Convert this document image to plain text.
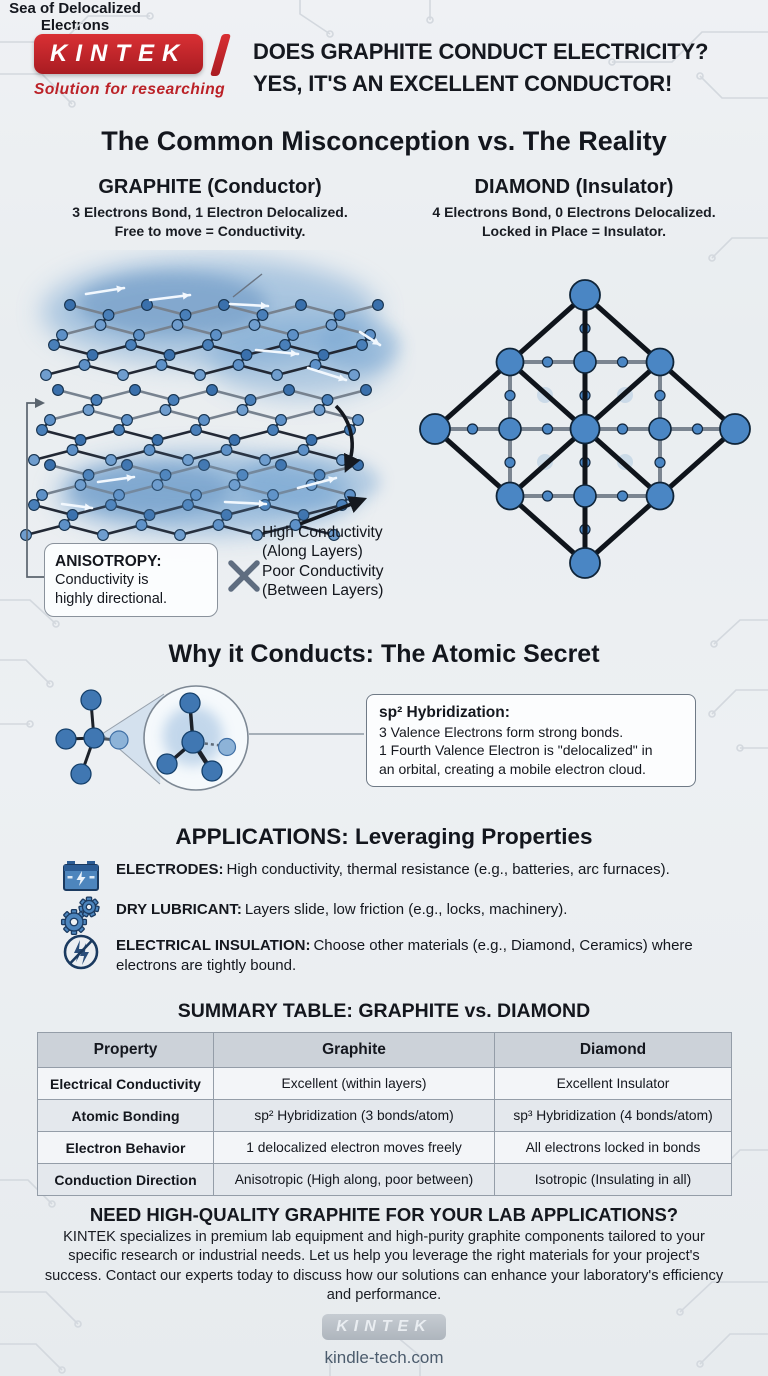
KINTEK
Solution for researching
DOES GRAPHITE CONDUCT ELECTRICITY?
YES, IT'S AN EXCELLENT CONDUCTOR!
The Common Misconception vs. The Reality
GRAPHITE (Conductor)
3 Electrons Bond, 1 Electron Delocalized.
Free to move = Conductivity.
DIAMOND (Insulator)
4 Electrons Bond, 0 Electrons Delocalized.
Locked in Place = Insulator.
Sea of Delocalized
Electrons
High Conductivity
(Along Layers)
Poor Conductivity
(Between Layers)
ANISOTROPY:
Conductivity is
highly directional.
Why it Conducts: The Atomic Secret
sp² Hybridization:
3 Valence Electrons form strong bonds.
1 Fourth Valence Electron is "delocalized" in
an orbital, creating a mobile electron cloud.
APPLICATIONS: Leveraging Properties
ELECTRODES: High conductivity, thermal resistance (e.g., batteries, arc furnaces).
DRY LUBRICANT: Layers slide, low friction (e.g., locks, machinery).
ELECTRICAL INSULATION: Choose other materials (e.g., Diamond, Ceramics) where electrons are tightly bound.
SUMMARY TABLE: GRAPHITE vs. DIAMOND
Property	Graphite	Diamond
Electrical Conductivity	Excellent (within layers)	Excellent Insulator
Atomic Bonding	sp² Hybridization (3 bonds/atom)	sp³ Hybridization (4 bonds/atom)
Electron Behavior	1 delocalized electron moves freely	All electrons locked in bonds
Conduction Direction	Anisotropic (High along, poor between)	Isotropic (Insulating in all)
NEED HIGH-QUALITY GRAPHITE FOR YOUR LAB APPLICATIONS?
KINTEK specializes in premium lab equipment and high-purity graphite components tailored to your specific research or industrial needs. Let us help you leverage the right materials for your project's success. Contact our experts today to discuss how our solutions can enhance your laboratory's efficiency and performance.
KINTEK
kindle-tech.com
